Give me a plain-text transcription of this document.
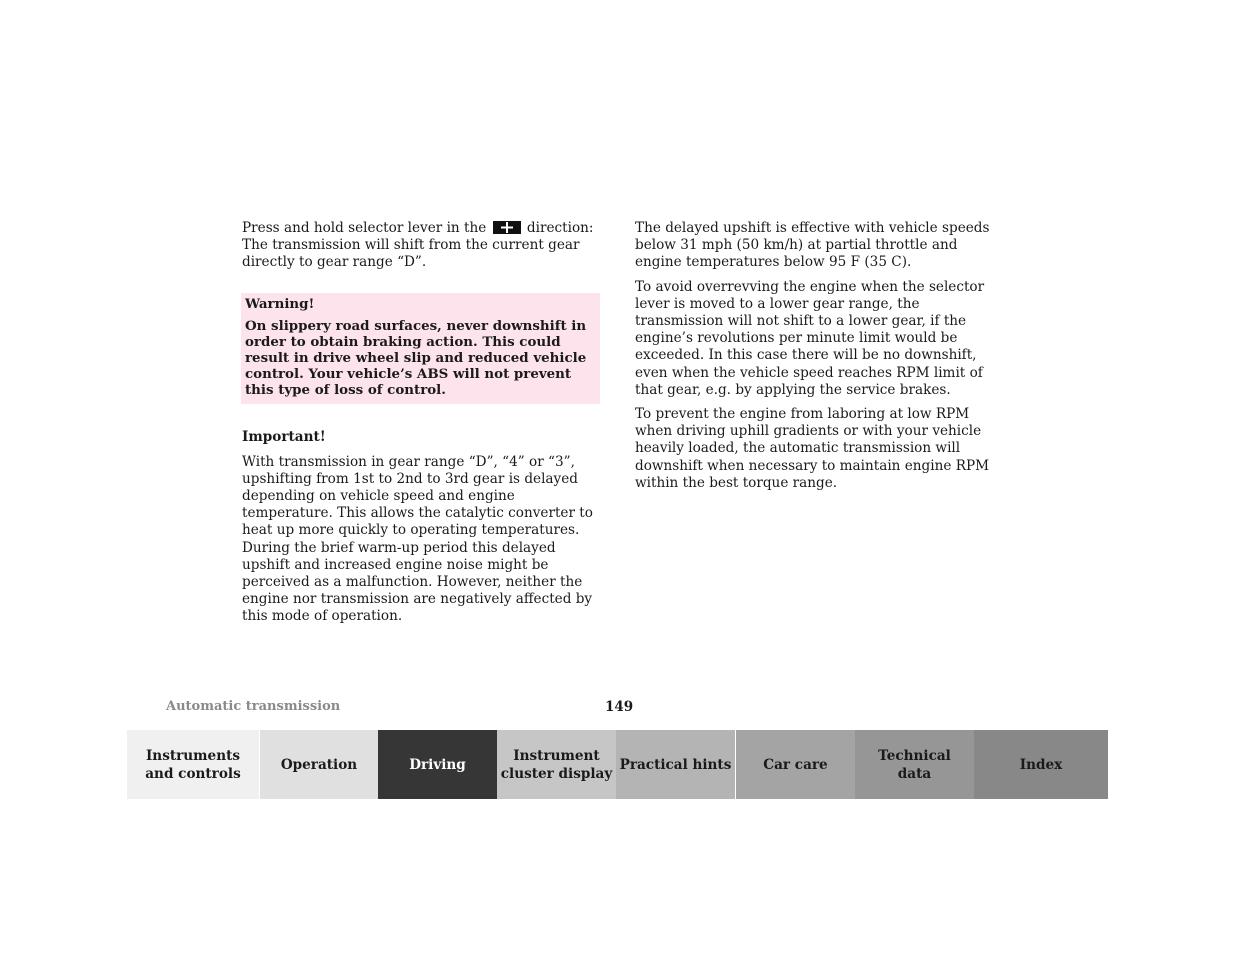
Press and hold selector lever in the	direction:
The transmission will shift from the current gear directly to gear range “D”.

Warning!

On slippery road surfaces, never downshift in order to obtain braking action. This could result in drive wheel slip and reduced vehicle control. Your vehicle’s ABS will not prevent this type of loss of control.

Important!

With transmission in gear range “D”, “4” or “3”, upshifting from 1st to 2nd to 3rd gear is delayed depending on vehicle speed and engine temperature. This allows the catalytic converter to heat up more quickly to operating temperatures.
During the brief warm-up period this delayed upshift and increased engine noise might be perceived as a malfunction. However, neither the engine nor transmission are negatively affected by this mode of operation.

The delayed upshift is effective with vehicle speeds below 31 mph (50 km/h) at partial throttle and engine temperatures below 95 F (35 C).

To avoid overrevving the engine when the selector lever is moved to a lower gear range, the transmission will not shift to a lower gear, if the engine’s revolutions per minute limit would be exceeded. In this case there will be no downshift, even when the vehicle speed reaches RPM limit of that gear, e.g. by applying the service brakes.

To prevent the engine from laboring at low RPM when driving uphill gradients or with your vehicle heavily loaded, the automatic transmission will downshift when necessary to maintain engine RPM within the best torque range.

Automatic transmission	149
Instruments
and controls
Operation	Driving
Instrument
cluster display
Practical hints	Car care
Technical
data
Index
